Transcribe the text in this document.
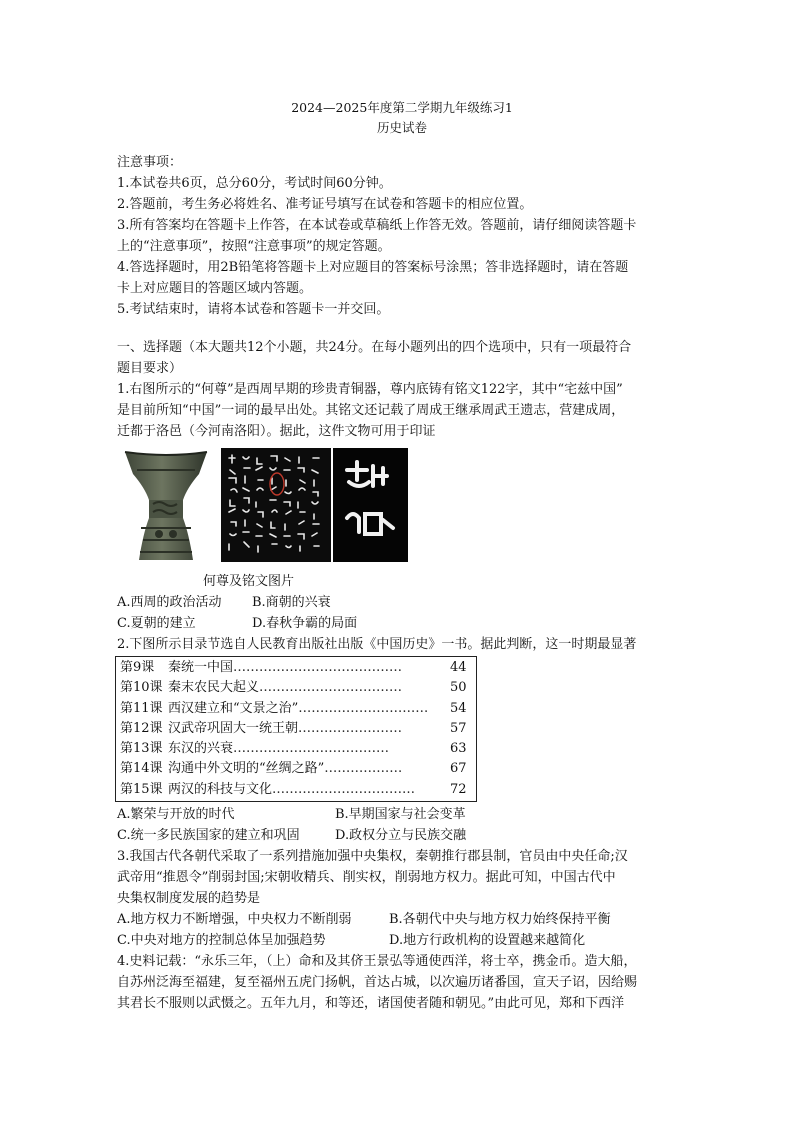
2024—2025年度第二学期九年级练习1
历史试卷
注意事项：
1.本试卷共6页，总分60分，考试时间60分钟。
2.答题前，考生务必将姓名、准考证号填写在试卷和答题卡的相应位置。
3.所有答案均在答题卡上作答，在本试卷或草稿纸上作答无效。答题前，请仔细阅读答题卡
上的“注意事项”，按照“注意事项”的规定答题。
4.答选择题时，用2B铅笔将答题卡上对应题目的答案标号涂黑；答非选择题时，请在答题
卡上对应题目的答题区域内答题。
5.考试结束时，请将本试卷和答题卡一并交回。
一、选择题（本大题共12个小题，共24分。在每小题列出的四个选项中，只有一项最符合
题目要求）
1.右图所示的“何尊”是西周早期的珍贵青铜器，尊内底铸有铭文122字，其中“宅兹中国”
是目前所知“中国”一词的最早出处。其铭文还记载了周成王继承周武王遗志，营建成周，
迁都于洛邑（今河南洛阳）。据此，这件文物可用于印证
何尊及铭文图片
A.西周的政治活动	B.商朝的兴衰
C.夏朝的建立	D.春秋争霸的局面
2.下图所示目录节选自人民教育出版社出版《中国历史》一书。据此判断，这一时期最显著
第9课	秦统一中国…………………………………	44
第10课 秦末农民大起义……………………………	50
第11课 西汉建立和“文景之治”…………………………	54
第12课 汉武帝巩固大一统王朝……………………	57
第13课 东汉的兴衰………………………………	63
第14课 沟通中外文明的“丝绸之路”………………	67
第15课 两汉的科技与文化……………………………	72
A.繁荣与开放的时代	B.早期国家与社会变革
C.统一多民族国家的建立和巩固	D.政权分立与民族交融
3.我国古代各朝代采取了一系列措施加强中央集权，秦朝推行郡县制，官员由中央任命;汉
武帝用“推恩令”削弱封国;宋朝收精兵、削实权，削弱地方权力。据此可知，中国古代中
央集权制度发展的趋势是
A.地方权力不断增强，中央权力不断削弱	B.各朝代中央与地方权力始终保持平衡
C.中央对地方的控制总体呈加强趋势	D.地方行政机构的设置越来越简化
4.史料记载：“永乐三年，（上）命和及其侪王景弘等通使西洋，将士卒，携金币。造大船，
自苏州泛海至福建，复至福州五虎门扬帆，首达占城，以次遍历诸番国，宣天子诏，因给赐
其君长不服则以武慑之。五年九月，和等还，诸国使者随和朝见。”由此可见，郑和下西洋
